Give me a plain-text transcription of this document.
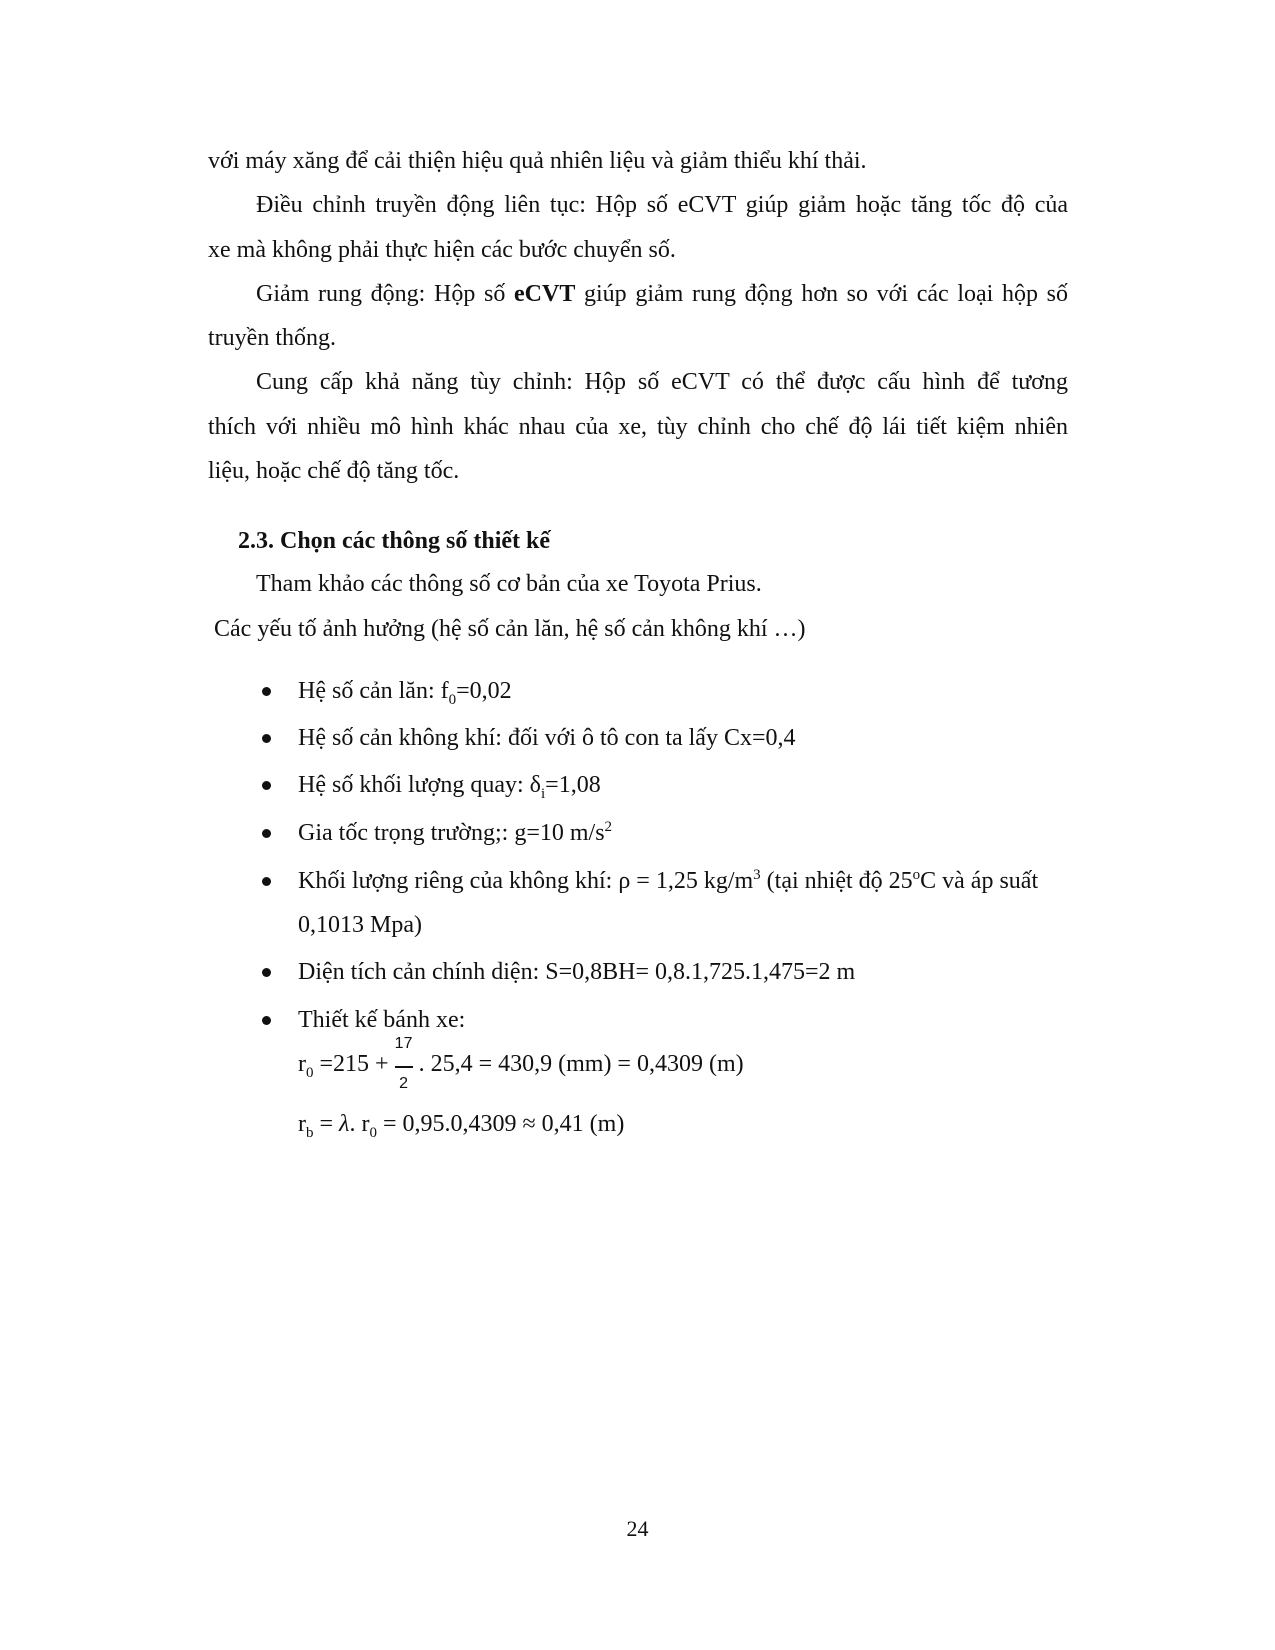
với máy xăng để cải thiện hiệu quả nhiên liệu và giảm thiểu khí thải.
Điều chỉnh truyền động liên tục: Hộp số eCVT giúp giảm hoặc tăng tốc độ của
xe mà không phải thực hiện các bước chuyển số.
Giảm rung động: Hộp số eCVT giúp giảm rung động hơn so với các loại hộp số
truyền thống.
Cung cấp khả năng tùy chỉnh: Hộp số eCVT có thể được cấu hình để tương
thích với nhiều mô hình khác nhau của xe, tùy chỉnh cho chế độ lái tiết kiệm nhiên
liệu, hoặc chế độ tăng tốc.
2.3. Chọn các thông số thiết kế
Tham khảo các thông số cơ bản của xe Toyota Prius.
Các yếu tố ảnh hưởng (hệ số cản lăn, hệ số cản không khí …)
Hệ số cản lăn: $f_0=0,02$
Hệ số cản không khí: đối với ô tô con ta lấy Cx=0,4
Hệ số khối lượng quay: $\delta_i=1,08$
Gia tốc trọng trường;: g=10 $m/s^2$
Khối lượng riêng của không khí: ρ = 1,25 $kg/m^3$ (tại nhiệt độ 25$^o$C và áp suất
0,1013 Mpa)
Diện tích cản chính diện: S=0,8BH= 0,8.1,725.1,475=2 m
Thiết kế bánh xe:
$r_0 =215 + \frac{17}{2}$ . 25,4 = 430,9 (mm) = 0,4309 (m)
$r_b = \lambda$. $r_0 = 0,95.0,4309 \approx 0,41$ (m)
24
